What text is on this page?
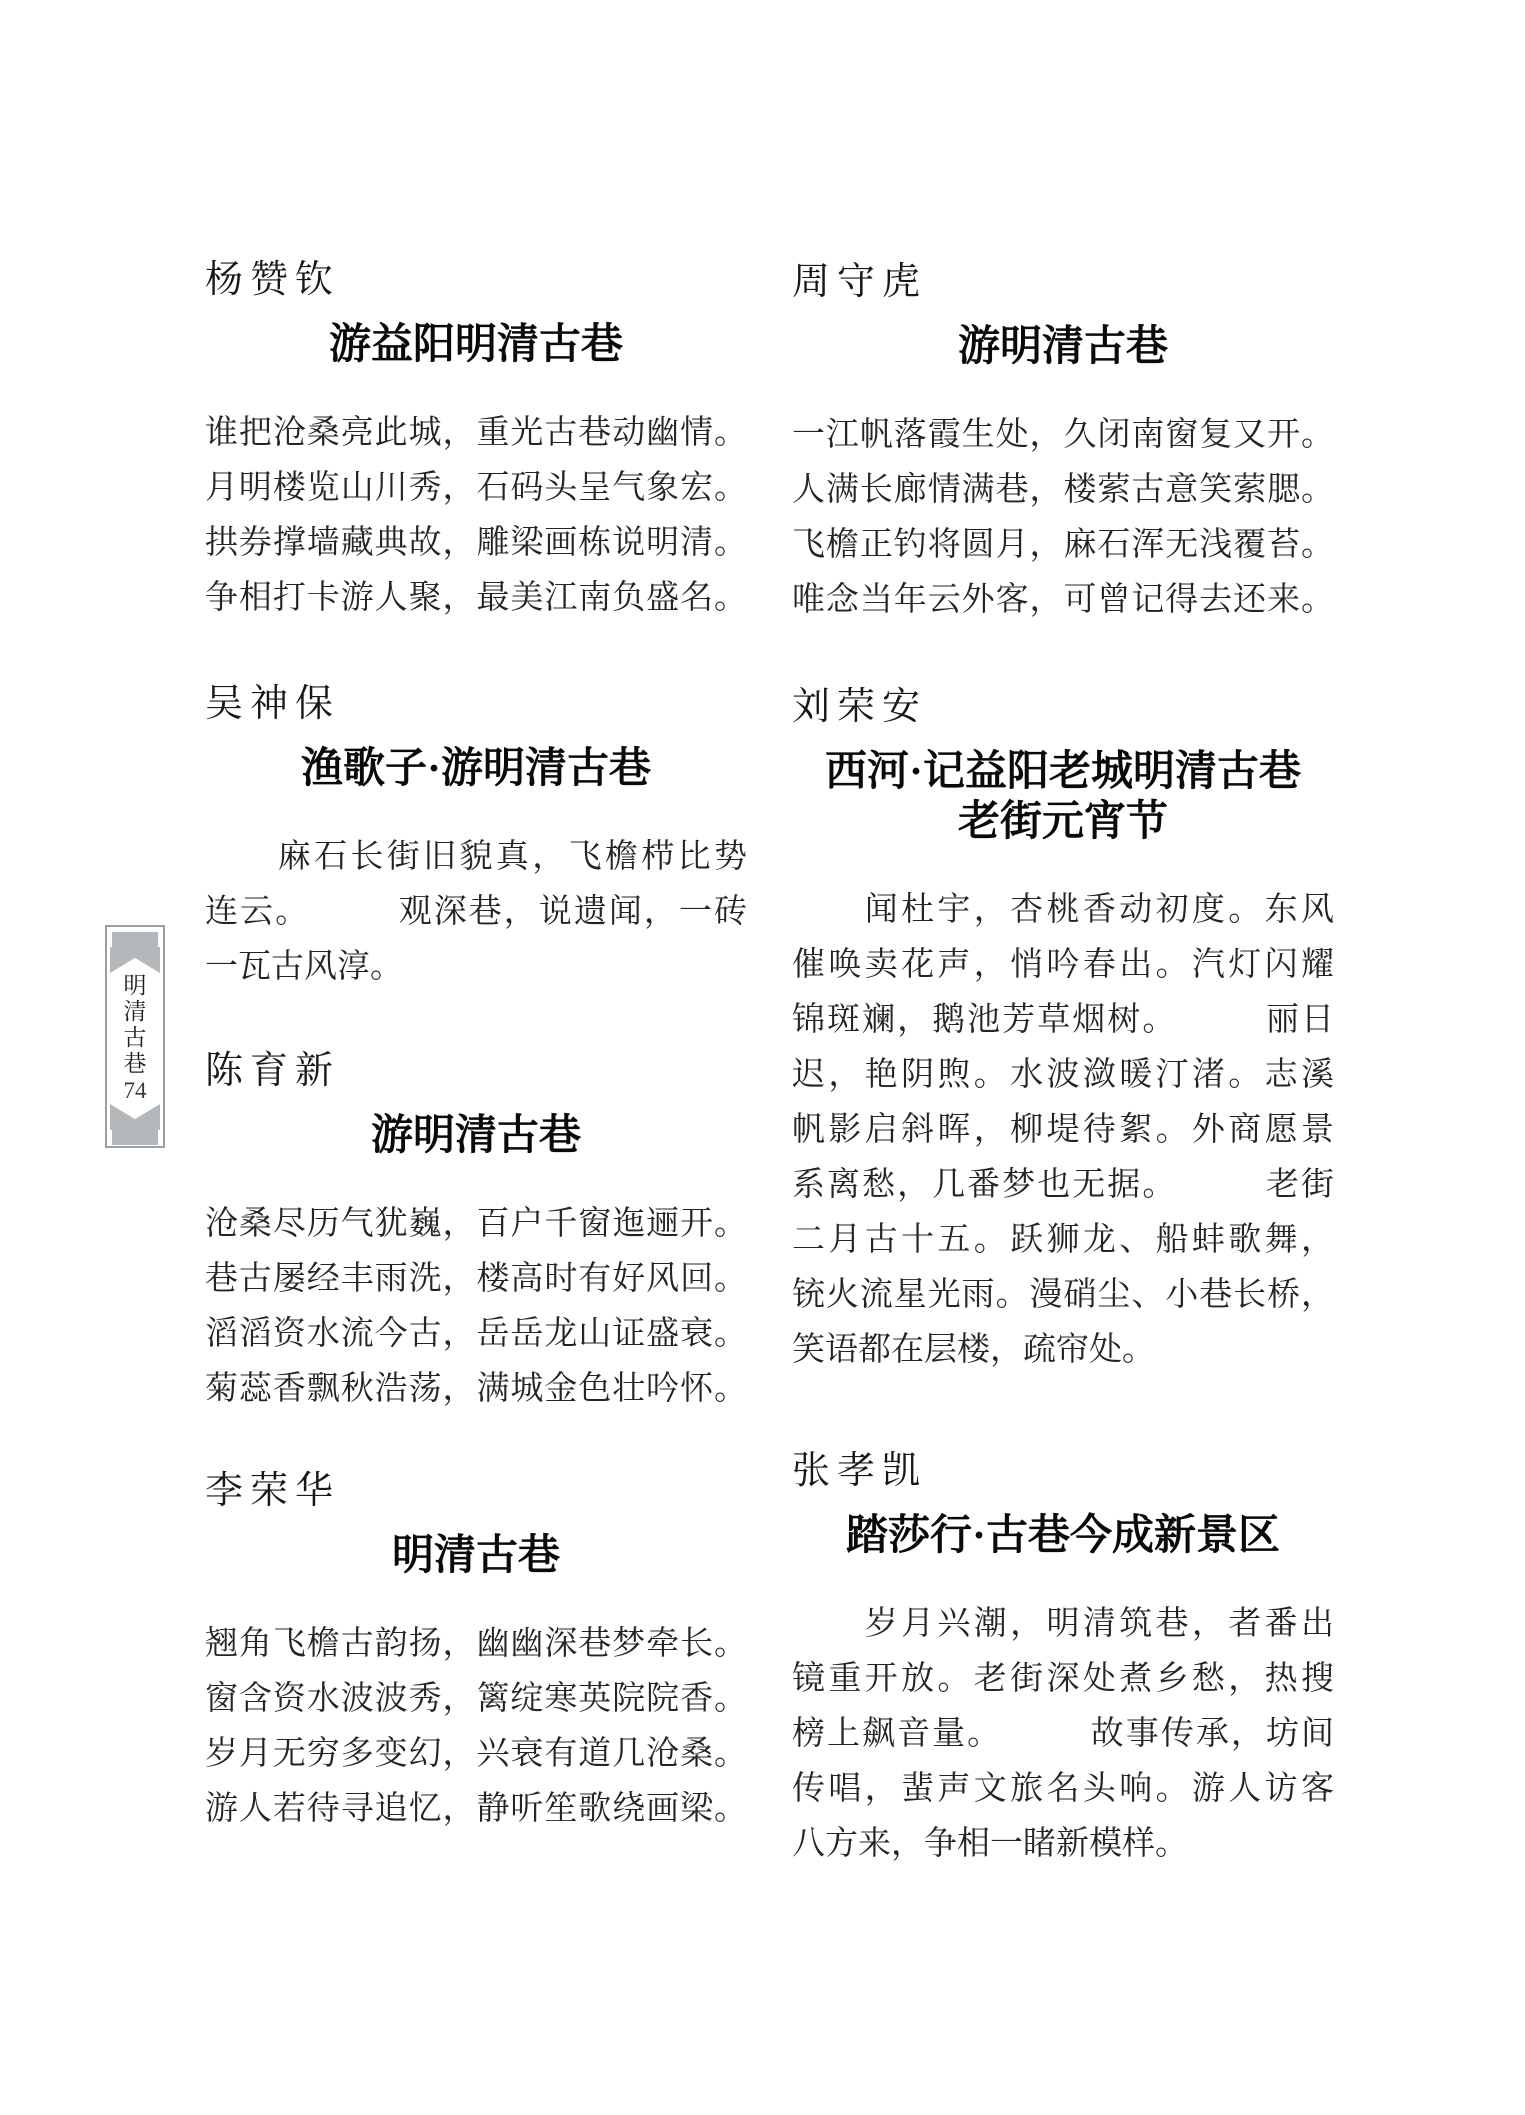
明
清
古
巷
74
杨赞钦
游益阳明清古巷
谁把沧桑亮此城，重光古巷动幽情。
月明楼览山川秀，石码头呈气象宏。
拱券撑墙藏典故，雕梁画栋说明清。
争相打卡游人聚，最美江南负盛名。
吴神保
渔歌子·游明清古巷
　　麻石长街旧貌真，飞檐栉比势
连云。　　　观深巷，说遗闻，一砖
一瓦古风淳。
陈育新
游明清古巷
沧桑尽历气犹巍，百户千窗迤逦开。
巷古屡经丰雨洗，楼高时有好风回。
滔滔资水流今古，岳岳龙山证盛衰。
菊蕊香飘秋浩荡，满城金色壮吟怀。
李荣华
明清古巷
翘角飞檐古韵扬，幽幽深巷梦牵长。
窗含资水波波秀，篱绽寒英院院香。
岁月无穷多变幻，兴衰有道几沧桑。
游人若待寻追忆，静听笙歌绕画梁。
周守虎
游明清古巷
一江帆落霞生处，久闭南窗复又开。
人满长廊情满巷，楼萦古意笑萦腮。
飞檐正钓将圆月，麻石浑无浅覆苔。
唯念当年云外客，可曾记得去还来。
刘荣安
西河·记益阳老城明清古巷
老街元宵节
　　闻杜宇，杏桃香动初度。东风
催唤卖花声，悄吟春出。汽灯闪耀
锦斑斓，鹅池芳草烟树。　　　丽日
迟，艳阴煦。水波潋暖汀渚。志溪
帆影启斜晖，柳堤待絮。外商愿景
系离愁，几番梦也无据。　　　老街
二月古十五。跃狮龙、船蚌歌舞，
铳火流星光雨。漫硝尘、小巷长桥，
笑语都在层楼，疏帘处。
张孝凯
踏莎行·古巷今成新景区
　　岁月兴潮，明清筑巷，者番出
镜重开放。老街深处煮乡愁，热搜
榜上飙音量。　　　故事传承，坊间
传唱，蜚声文旅名头响。游人访客
八方来，争相一睹新模样。
